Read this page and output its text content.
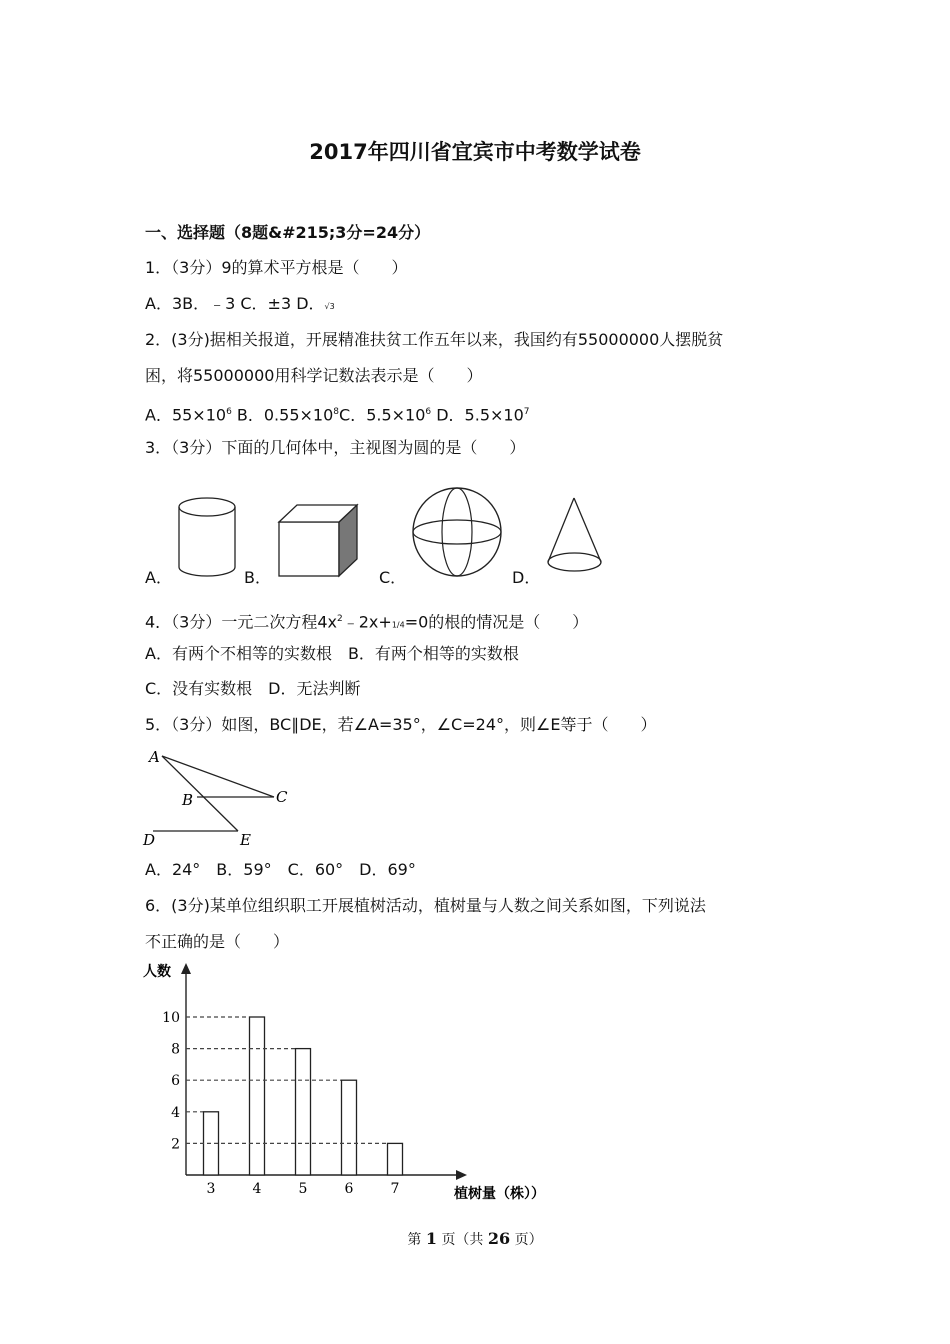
2017年四川省宜宾市中考数学试卷
一、选择题（8题&#215;3分=24分）
1．（3分）9的算术平方根是（　　）
A．3B．﹣3 C．±3 D．√3
2．(3分)据相关报道，开展精准扶贫工作五年以来，我国约有55000000人摆脱贫
困，将55000000用科学记数法表示是（　　）
A．$55\times 10^6$ B．$0.55\times 10^8C$．$5.5\times 10^6$ D．$5.5\times 10^7$
3．（3分）下面的几何体中，主视图为圆的是（　　）
A．	B．	C．	D．
4．（3分）一元二次方程$4x^2﹣2x+1/4=0$的根的情况是（　　）
A．有两个不相等的实数根　B．有两个相等的实数根
C．没有实数根　D．无法判断
5．（3分）如图，BC∥DE，若∠A=35°，∠C=24°，则∠E等于（　　）
A
B	C
D	E
A．24°　B．59°　C．60°　D．69°
6．(3分)某单位组织职工开展植树活动，植树量与人数之间关系如图，下列说法
不正确的是（　　）
人数
植树量（株））
2
4
6
8
10
3	4	5	6	7
第 1 页（共 26 页）
